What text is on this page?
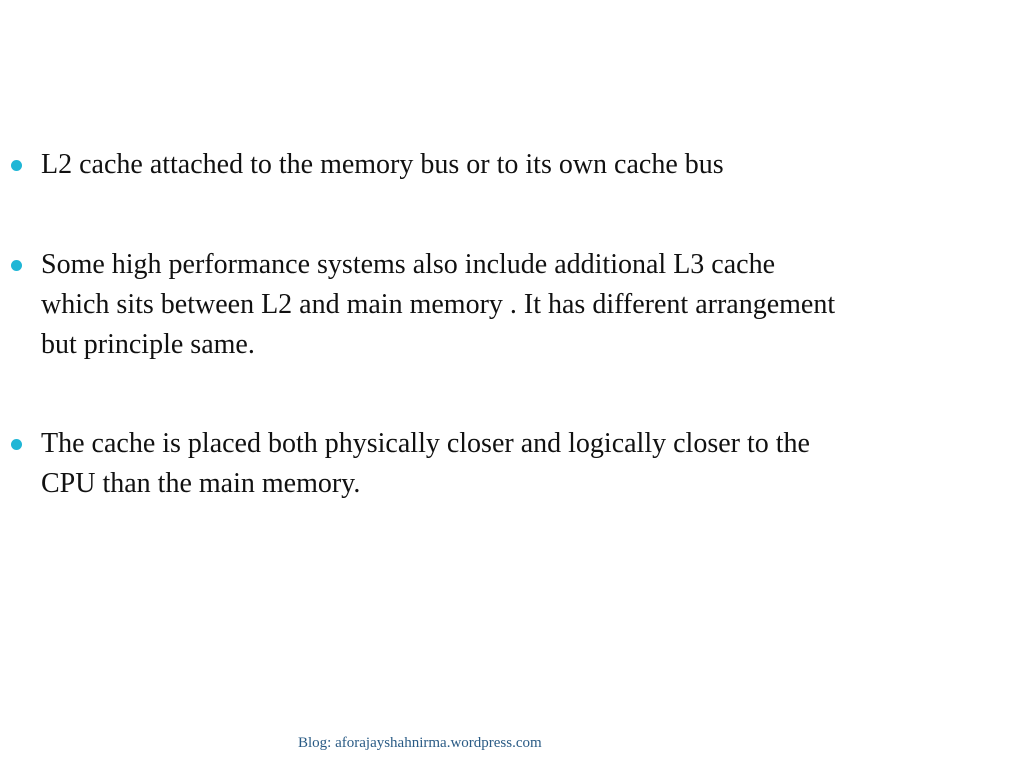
L2 cache attached to the memory bus or to its own cache bus
Some high performance systems also include additional L3 cache
which sits between L2 and main memory . It has different arrangement
but principle same.
The cache is placed both physically closer and logically closer to the
CPU than the main memory.
Blog: aforajayshahnirma.wordpress.com
